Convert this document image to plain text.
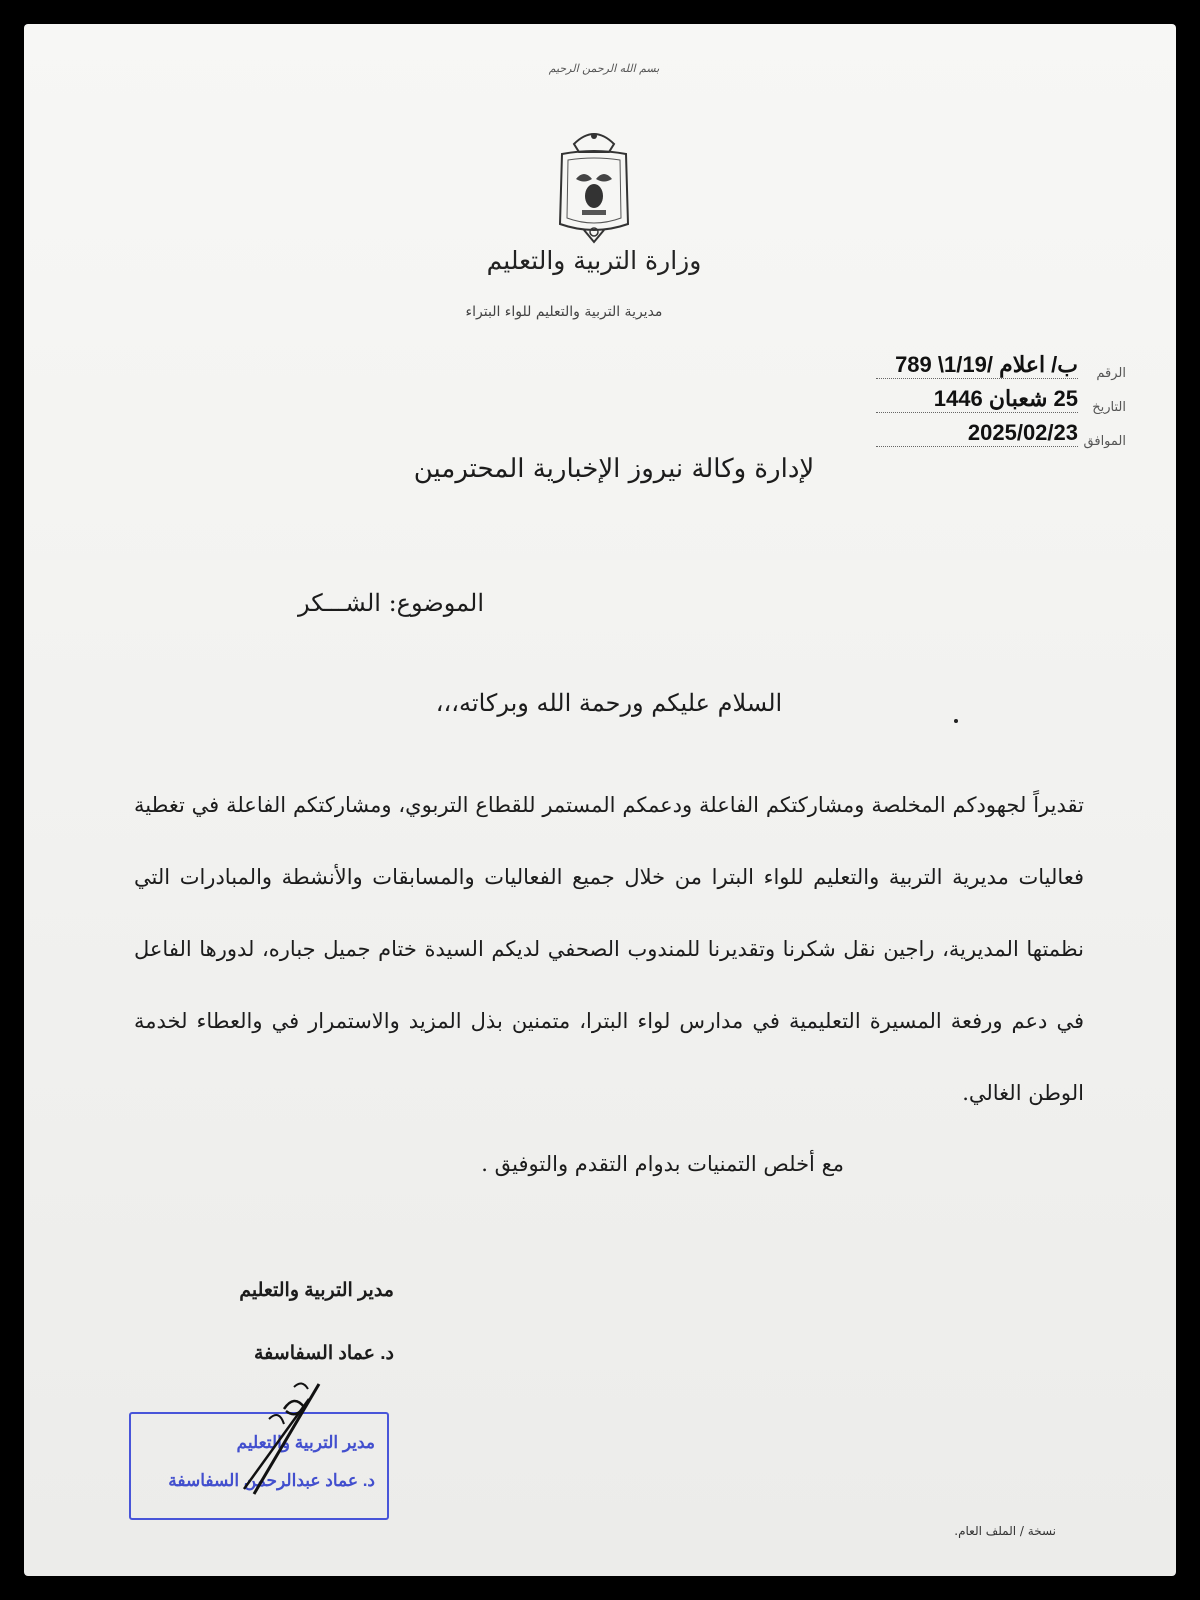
بسم الله الرحمن الرحيم
وزارة التربية والتعليم
مديرية التربية والتعليم للواء البتراء
الرقم
ب/ اعلام /1/19\ 789
التاريخ
25 شعبان 1446
الموافق
2025/02/23
لإدارة وكالة نيروز الإخبارية المحترمين
الموضوع: الشـــكر
السلام عليكم ورحمة الله وبركاته،،،
تقديراً لجهودكم المخلصة ومشاركتكم الفاعلة ودعمكم المستمر للقطاع التربوي، ومشاركتكم الفاعلة في تغطية فعاليات مديرية التربية والتعليم للواء البترا من خلال جميع الفعاليات والمسابقات والأنشطة والمبادرات التي نظمتها المديرية، راجين نقل شكرنا وتقديرنا للمندوب الصحفي لديكم السيدة ختام جميل جباره، لدورها الفاعل في دعم ورفعة المسيرة التعليمية في مدارس لواء البترا، متمنين بذل المزيد والاستمرار في والعطاء لخدمة الوطن الغالي.
مع أخلص التمنيات بدوام التقدم والتوفيق .
مدير التربية والتعليم
د. عماد السفاسفة
مدير التربية والتعليم
د. عماد عبدالرحمن السفاسفة
نسخة / الملف العام.
